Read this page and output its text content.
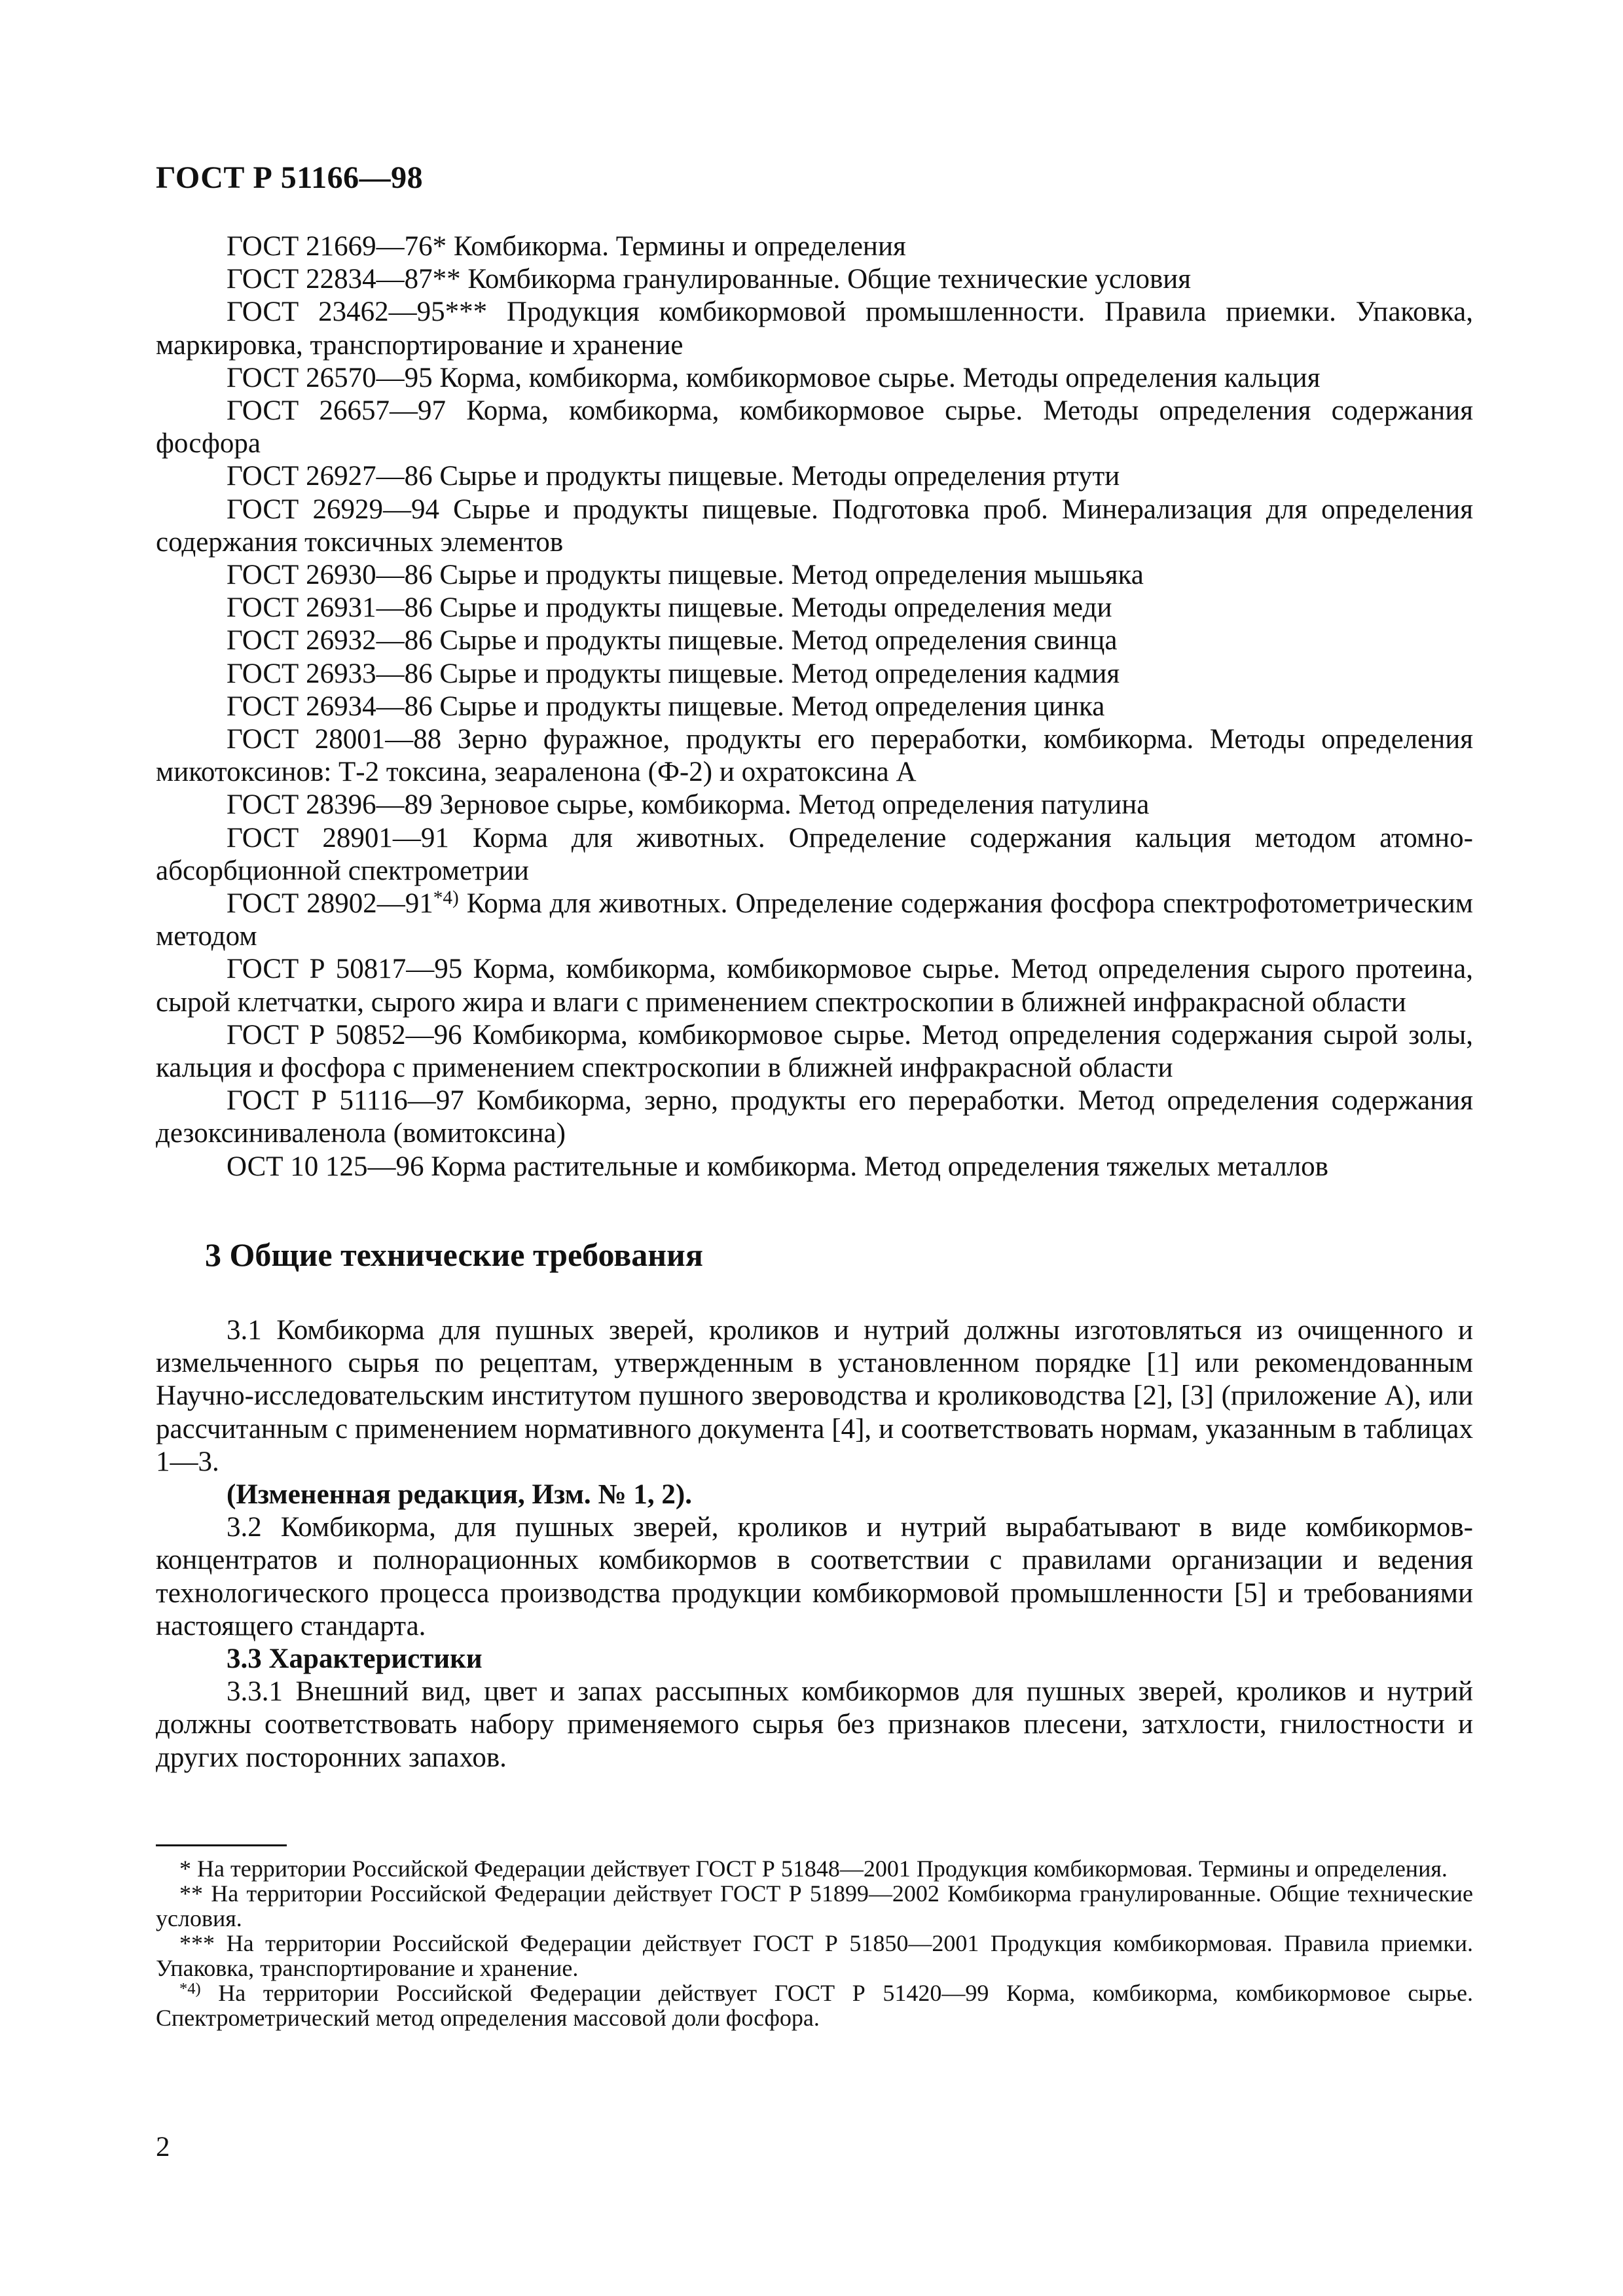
ГОСТ Р 51166—98

ГОСТ 21669—76* Комбикорма. Термины и определения

ГОСТ 22834—87** Комбикорма гранулированные. Общие технические условия

ГОСТ 23462—95*** Продукция комбикормовой промышленности. Правила приемки. Упаковка, маркировка, транспортирование и хранение

ГОСТ 26570—95 Корма, комбикорма, комбикормовое сырье. Методы определения кальция

ГОСТ 26657—97 Корма, комбикорма, комбикормовое сырье. Методы определения содержания фосфора

ГОСТ 26927—86 Сырье и продукты пищевые. Методы определения ртути

ГОСТ 26929—94 Сырье и продукты пищевые. Подготовка проб. Минерализация для определения содержания токсичных элементов

ГОСТ 26930—86 Сырье и продукты пищевые. Метод определения мышьяка

ГОСТ 26931—86 Сырье и продукты пищевые. Методы определения меди

ГОСТ 26932—86 Сырье и продукты пищевые. Метод определения свинца

ГОСТ 26933—86 Сырье и продукты пищевые. Метод определения кадмия

ГОСТ 26934—86 Сырье и продукты пищевые. Метод определения цинка

ГОСТ 28001—88 Зерно фуражное, продукты его переработки, комбикорма. Методы определения микотоксинов: Т-2 токсина, зеараленона (Ф-2) и охратоксина А

ГОСТ 28396—89 Зерновое сырье, комбикорма. Метод определения патулина

ГОСТ 28901—91 Корма для животных. Определение содержания кальция методом атомно-абсорбционной спектрометрии

ГОСТ 28902—91$^{*4)}$ Корма для животных. Определение содержания фосфора спектрофотометрическим методом

ГОСТ Р 50817—95 Корма, комбикорма, комбикормовое сырье. Метод определения сырого протеина, сырой клетчатки, сырого жира и влаги с применением спектроскопии в ближней инфракрасной области

ГОСТ Р 50852—96 Комбикорма, комбикормовое сырье. Метод определения содержания сырой золы, кальция и фосфора с применением спектроскопии в ближней инфракрасной области

ГОСТ Р 51116—97 Комбикорма, зерно, продукты его переработки. Метод определения содержания дезоксиниваленола (вомитоксина)

ОСТ 10 125—96 Корма растительные и комбикорма. Метод определения тяжелых металлов

3 Общие технические требования

3.1 Комбикорма для пушных зверей, кроликов и нутрий должны изготовляться из очищенного и измельченного сырья по рецептам, утвержденным в установленном порядке [1] или рекомендованным Научно-исследовательским институтом пушного звероводства и кролиководства [2], [3] (приложение А), или рассчитанным с применением нормативного документа [4], и соответствовать нормам, указанным в таблицах 1—3.

(Измененная редакция, Изм. № 1, 2).

3.2 Комбикорма, для пушных зверей, кроликов и нутрий вырабатывают в виде комбикормов-концентратов и полнорационных комбикормов в соответствии с правилами организации и ведения технологического процесса производства продукции комбикормовой промышленности [5] и требованиями настоящего стандарта.

3.3 Характеристики

3.3.1 Внешний вид, цвет и запах рассыпных комбикормов для пушных зверей, кроликов и нутрий должны соответствовать набору применяемого сырья без признаков плесени, затхлости, гнилостности и других посторонних запахов.

* На территории Российской Федерации действует ГОСТ Р 51848—2001 Продукция комбикормовая. Термины и определения.

** На территории Российской Федерации действует ГОСТ Р 51899—2002 Комбикорма гранулированные. Общие технические условия.

*** На территории Российской Федерации действует ГОСТ Р 51850—2001 Продукция комбикормовая. Правила приемки. Упаковка, транспортирование и хранение.

$^{*4)}$ На территории Российской Федерации действует ГОСТ Р 51420—99 Корма, комбикорма, комбикормовое сырье. Спектрометрический метод определения массовой доли фосфора.

2
